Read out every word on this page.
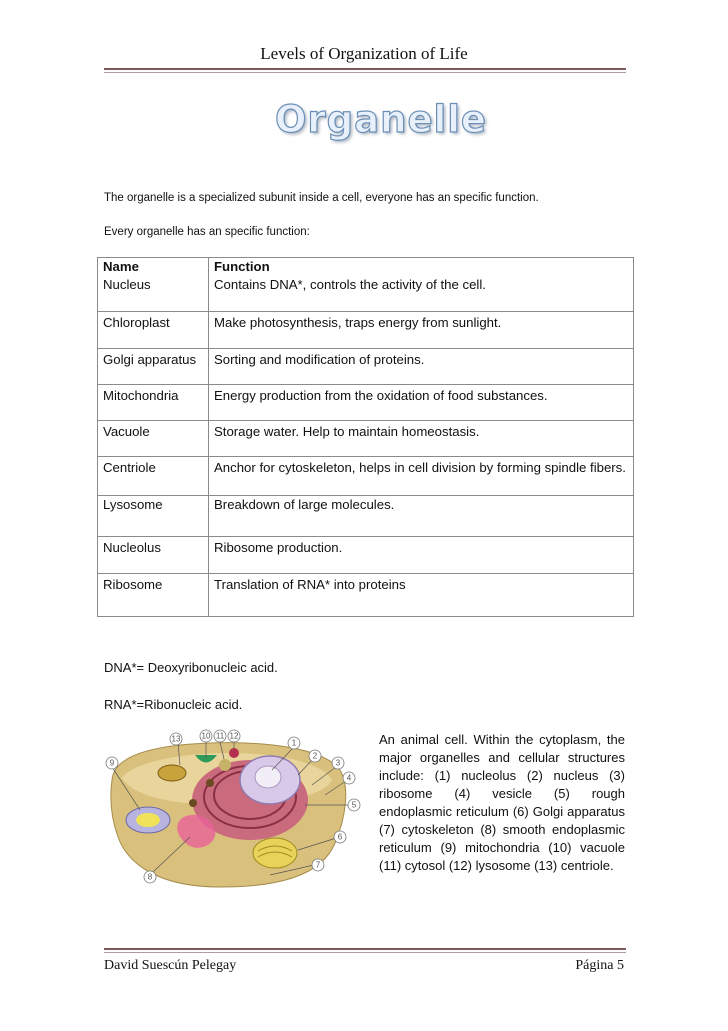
Levels of Organization of Life
Organelle
The organelle is a specialized subunit inside a cell, everyone has an specific function.
Every organelle has an specific function:
Name	Function
Nucleus	Contains DNA*, controls the activity of the cell.
Chloroplast	Make photosynthesis, traps energy from sunlight.
Golgi apparatus	Sorting and modification of proteins.
Mitochondria	Energy production from the oxidation of food substances.
Vacuole	Storage water. Help to maintain homeostasis.
Centriole	Anchor for cytoskeleton, helps in cell division by forming spindle fibers.
Lysosome	Breakdown of large molecules.
Nucleolus	Ribosome production.
Ribosome	Translation of RNA* into proteins
DNA*= Deoxyribonucleic acid.
RNA*=Ribonucleic acid.
1
2
3
4
5
6
7
8
9
10 11 12
13	An animal cell. Within the cytoplasm, the major organelles and cellular structures include: (1) nucleolus (2) nucleus (3) ribosome (4) vesicle (5) rough endoplasmic reticulum (6) Golgi apparatus (7) cytoskeleton (8) smooth endoplasmic reticulum (9) mitochondria (10) vacuole (11) cytosol (12) lysosome (13) centriole.
David Suescún Pelegay	Página 5
